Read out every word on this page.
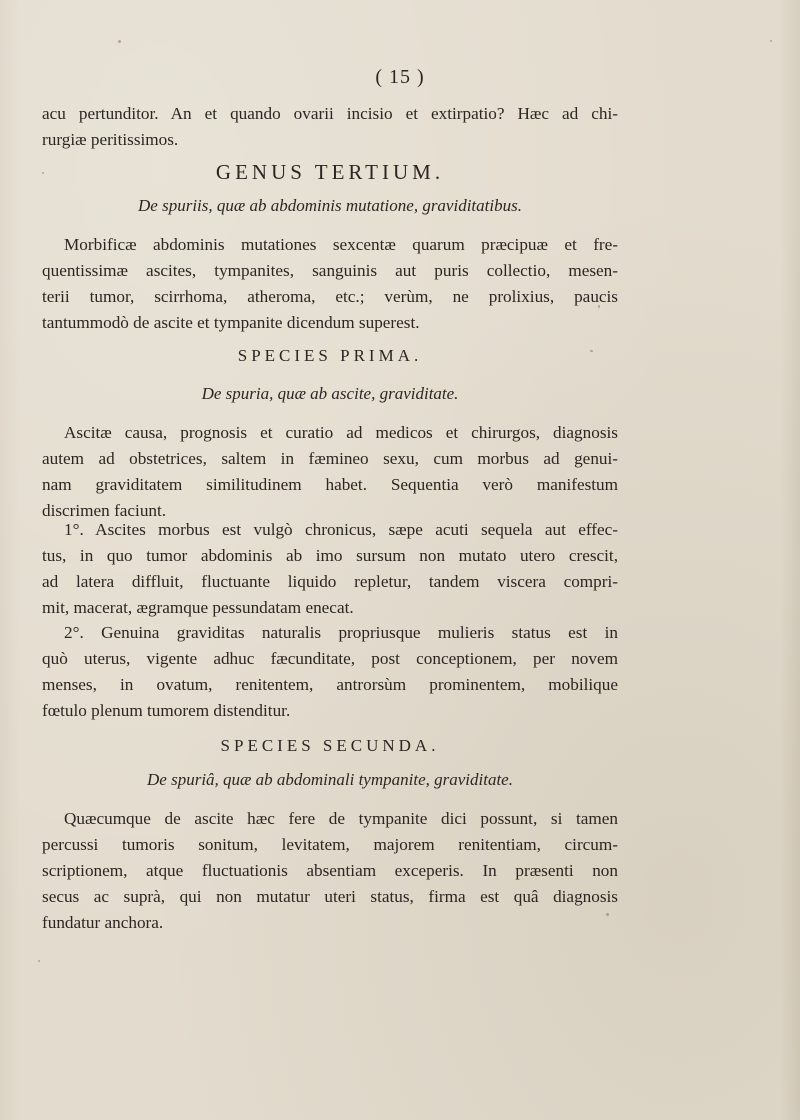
( 15 )
acu pertunditor. An et quando ovarii incisio et extirpatio? Hæc ad chi-
rurgiæ peritissimos.
GENUS TERTIUM.
De spuriis, quæ ab abdominis mutatione, graviditatibus.
Morbificæ abdominis mutationes sexcentæ quarum præcipuæ et fre-
quentissimæ ascites, tympanites, sanguinis aut puris collectio, mesen-
terii tumor, scirrhoma, atheroma, etc.; verùm, ne prolixius, paucis
tantummodò de ascite et tympanite dicendum superest.
SPECIES PRIMA.
De spuria, quæ ab ascite, graviditate.
Ascitæ causa, prognosis et curatio ad medicos et chirurgos, diagnosis
autem ad obstetrices, saltem in fæmineo sexu, cum morbus ad genui-
nam graviditatem similitudinem habet. Sequentia verò manifestum
discrimen faciunt.
1°. Ascites morbus est vulgò chronicus, sæpe acuti sequela aut effec-
tus, in quo tumor abdominis ab imo sursum non mutato utero crescit,
ad latera diffluit, fluctuante liquido repletur, tandem viscera compri-
mit, macerat, ægramque pessundatam enecat.
2°. Genuina graviditas naturalis propriusque mulieris status est in
quò uterus, vigente adhuc fæcunditate, post conceptionem, per novem
menses, in ovatum, renitentem, antrorsùm prominentem, mobilique
fœtulo plenum tumorem distenditur.
SPECIES SECUNDA.
De spuriâ, quæ ab abdominali tympanite, graviditate.
Quæcumque de ascite hæc fere de tympanite dici possunt, si tamen
percussi tumoris sonitum, levitatem, majorem renitentiam, circum-
scriptionem, atque fluctuationis absentiam exceperis. In præsenti non
secus ac suprà, qui non mutatur uteri status, firma est quâ diagnosis
fundatur anchora.
